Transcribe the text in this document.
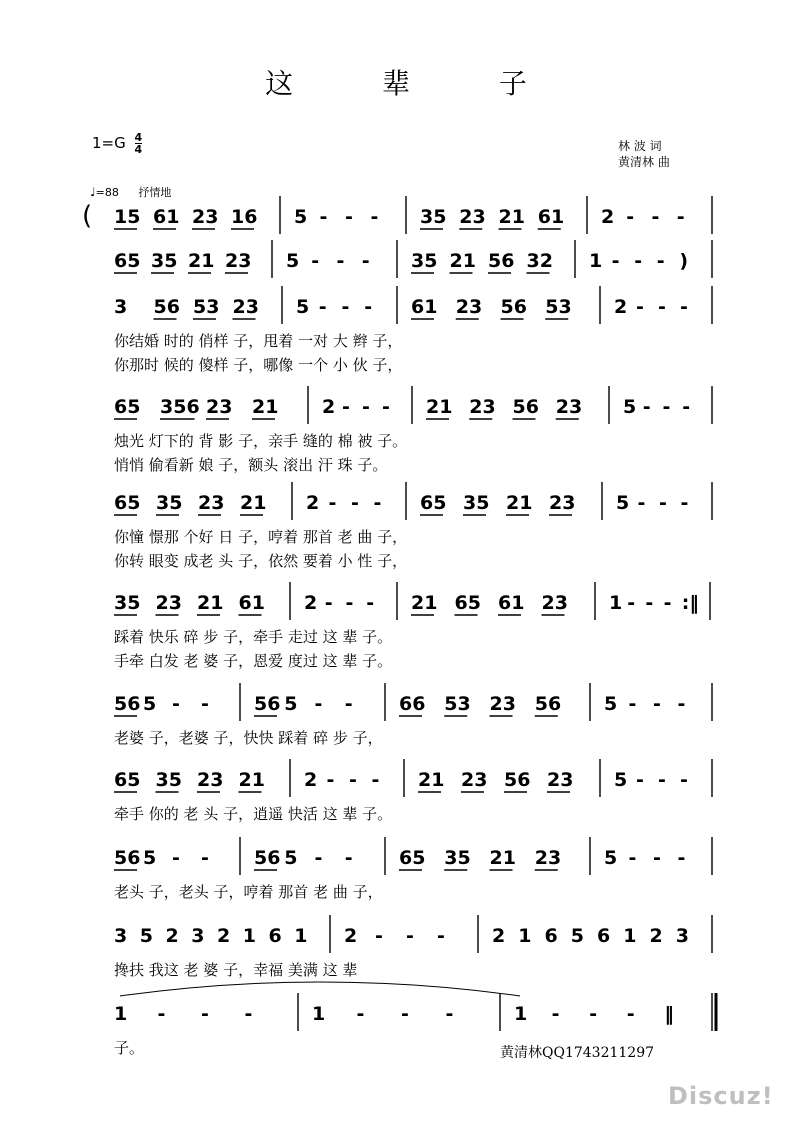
这 辈 子
$1=G \frac{4}{4}$	林 波 词
黄清林 曲
♩=88 抒情地
15 61 23 16 5 - - - 35 23 21 61 2 - - -
(
65 35 21 23 5 - - - 35 21 56 32 1 - - - )
3 56 53 23 5 - - - 61 23 56 53 2 - - -
你结婚 时的 俏样 子，甩着 一对 大 辫 子，
你那时 候的 傻样 子，哪像 一个 小 伙 子，
65 356 23 21 2 - - - 21 23 56 23 5 - - -
烛光 灯下的 背 影 子，亲手 缝的 棉 被 子。
悄悄 偷看新 娘 子，额头 滚出 汗 珠 子。
65 35 23 21 2 - - - 65 35 21 23 5 - - -
你憧 憬那 个好 日 子，哼着 那首 老 曲 子，
你转 眼变 成老 头 子，依然 要着 小 性 子，
35 23 21 61 2 - - - 21 65 61 23 1 - - - :‖
踩着 快乐 碎 步 子，牵手 走过 这 辈 子。
手牵 白发 老 婆 子，恩爱 度过 这 辈 子。
56 5 - - 56 5 - - 66 53 23 56 5 - - -
老婆 子，老婆 子，快快 踩着 碎 步 子，
65 35 23 21 2 - - - 21 23 56 23 5 - - -
牵手 你的 老 头 子，逍遥 快活 这 辈 子。
56 5 - - 56 5 - - 65 35 21 23 5 - - -
老头 子，老头 子，哼着 那首 老 曲 子，
3 5 2 3 2 1 6 1 2 - - - 2 1 6 5 6 1 2 3
搀扶 我这 老 婆 子，幸福 美满 这 辈
1 - - -	1 - - -	1 - - - ‖
子。	黄清林QQ1743211297
Discuz!
